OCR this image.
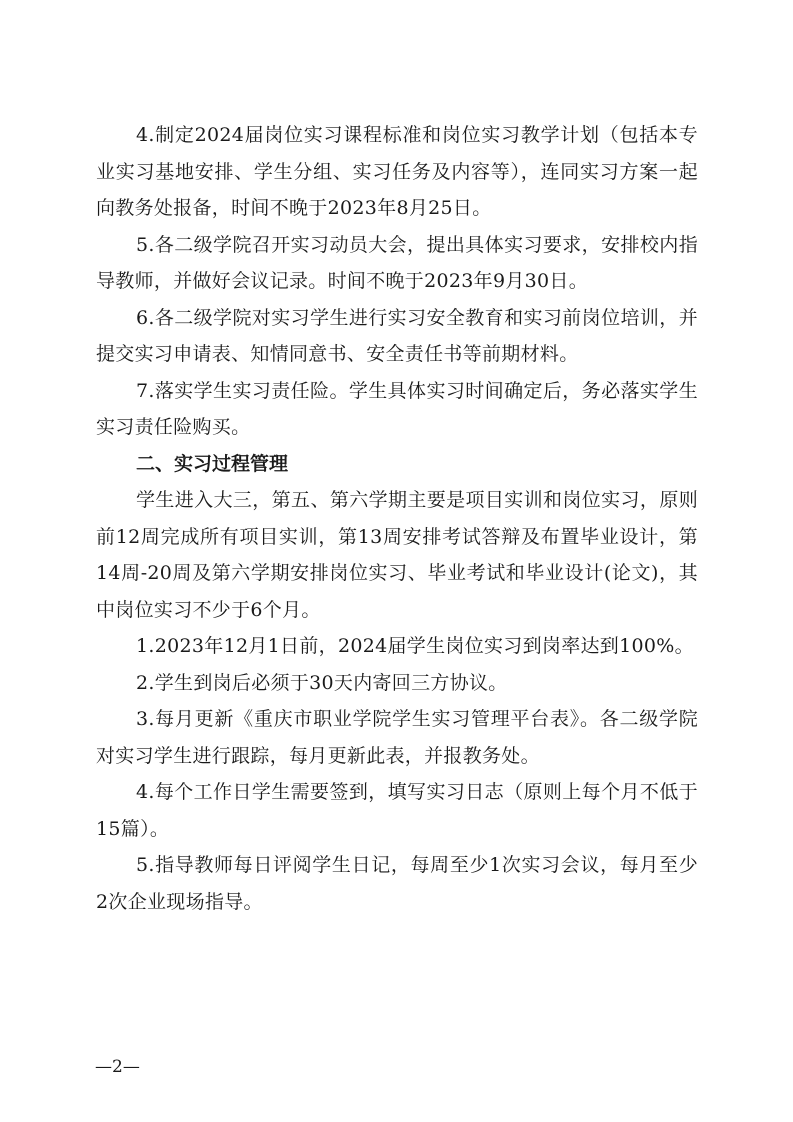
4.制定2024届岗位实习课程标准和岗位实习教学计划（包括本专业实习基地安排、学生分组、实习任务及内容等），连同实习方案一起向教务处报备，时间不晚于2023年8月25日。

5.各二级学院召开实习动员大会，提出具体实习要求，安排校内指导教师，并做好会议记录。时间不晚于2023年9月30日。

6.各二级学院对实习学生进行实习安全教育和实习前岗位培训，并提交实习申请表、知情同意书、安全责任书等前期材料。

7.落实学生实习责任险。学生具体实习时间确定后，务必落实学生实习责任险购买。

二、实习过程管理

学生进入大三，第五、第六学期主要是项目实训和岗位实习，原则前12周完成所有项目实训，第13周安排考试答辩及布置毕业设计，第14周-20周及第六学期安排岗位实习、毕业考试和毕业设计(论文)，其中岗位实习不少于6个月。

1.2023年12月1日前，2024届学生岗位实习到岗率达到100%。

2.学生到岗后必须于30天内寄回三方协议。

3.每月更新《重庆市职业学院学生实习管理平台表》。各二级学院对实习学生进行跟踪，每月更新此表，并报教务处。

4.每个工作日学生需要签到，填写实习日志（原则上每个月不低于15篇）。

5.指导教师每日评阅学生日记，每周至少1次实习会议，每月至少2次企业现场指导。

—2—
